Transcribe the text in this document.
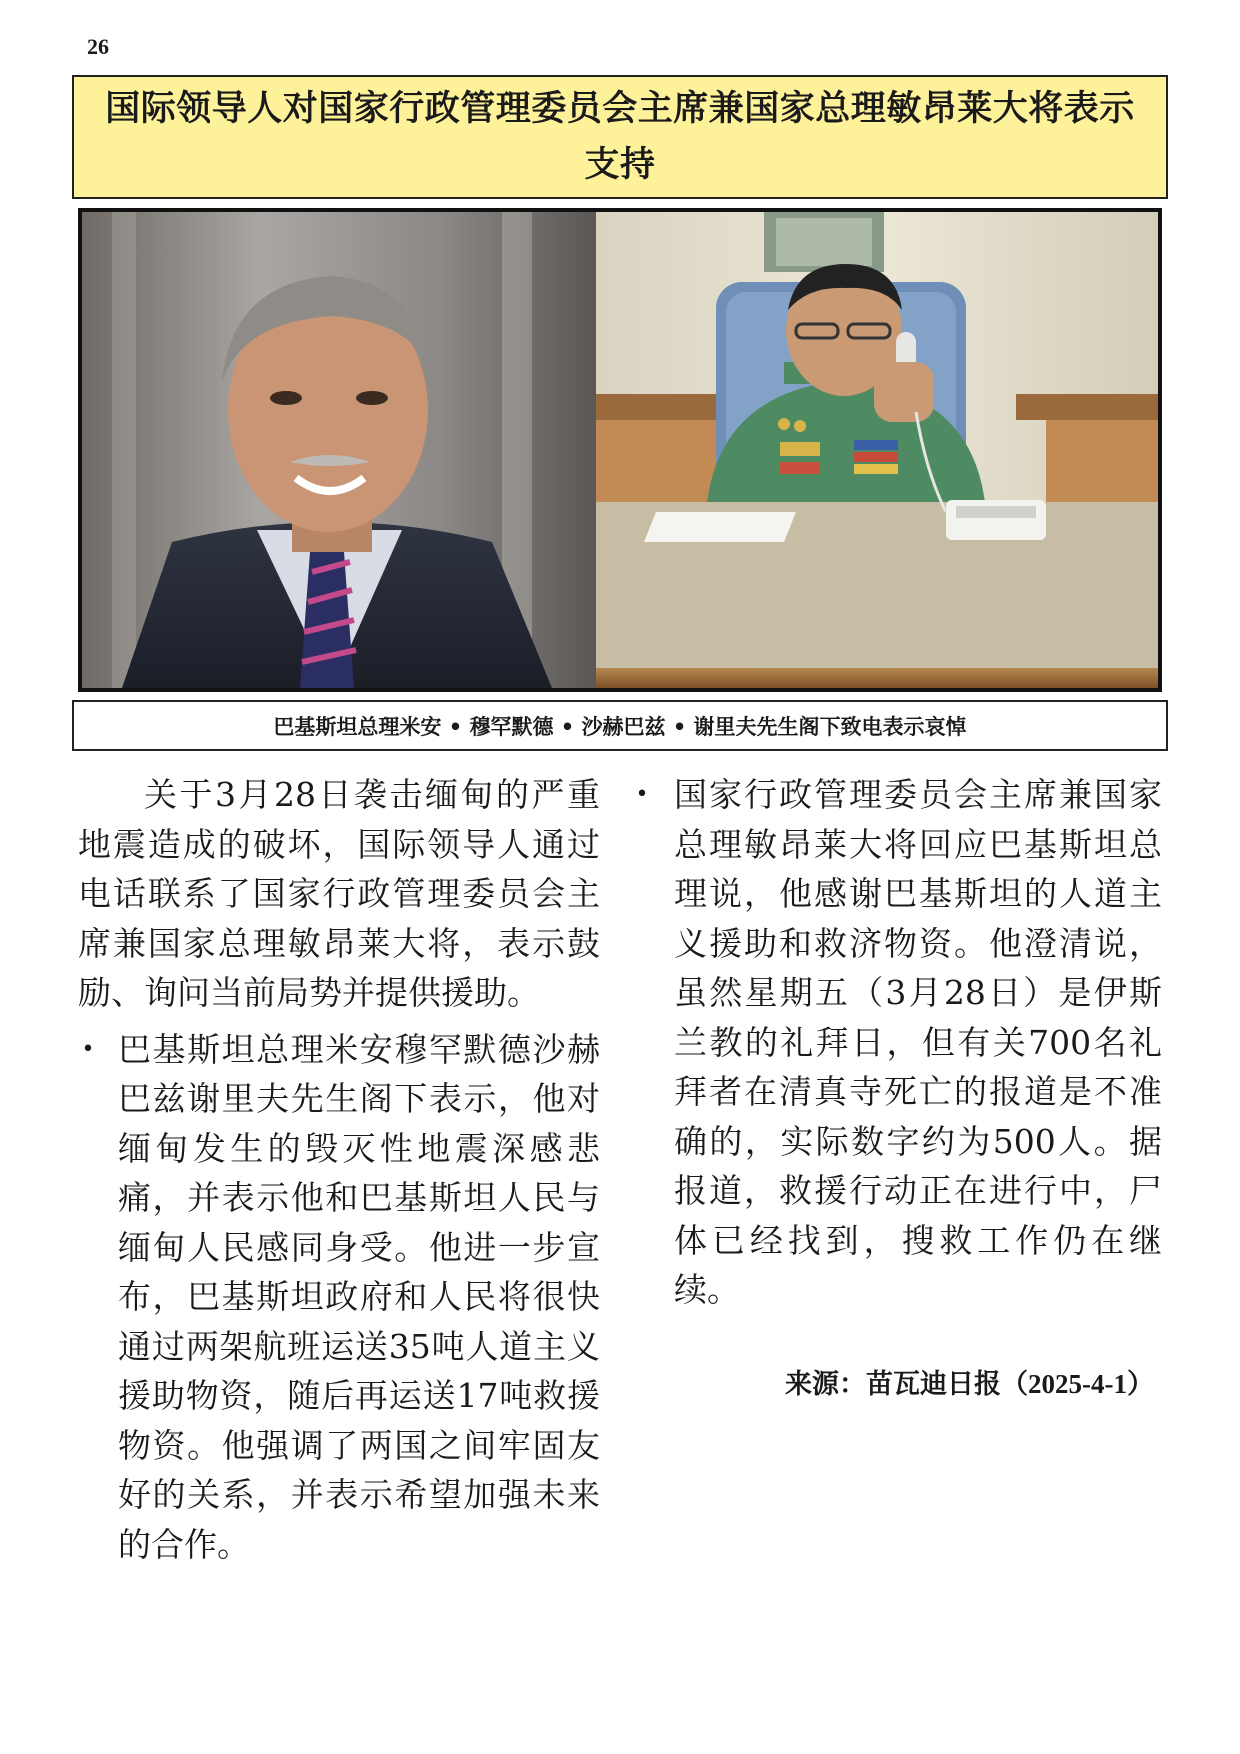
26
国际领导人对国家行政管理委员会主席兼国家总理敏昂莱大将表示支持
巴基斯坦总理米安 • 穆罕默德 • 沙赫巴兹 • 谢里夫先生阁下致电表示哀悼

关于3月28日袭击缅甸的严重地震造成的破坏，国际领导人通过电话联系了国家行政管理委员会主席兼国家总理敏昂莱大将，表示鼓励、询问当前局势并提供援助。

• 巴基斯坦总理米安穆罕默德沙赫巴兹谢里夫先生阁下表示，他对缅甸发生的毁灭性地震深感悲痛，并表示他和巴基斯坦人民与缅甸人民感同身受。他进一步宣布，巴基斯坦政府和人民将很快通过两架航班运送35吨人道主义援助物资，随后再运送17吨救援物资。他强调了两国之间牢固友好的关系，并表示希望加强未来的合作。
• 国家行政管理委员会主席兼国家总理敏昂莱大将回应巴基斯坦总理说，他感谢巴基斯坦的人道主义援助和救济物资。他澄清说，虽然星期五（3月28日）是伊斯兰教的礼拜日，但有关700名礼拜者在清真寺死亡的报道是不准确的，实际数字约为500人。据报道，救援行动正在进行中，尸体已经找到，搜救工作仍在继续。
来源：苗瓦迪日报（2025-4-1）
